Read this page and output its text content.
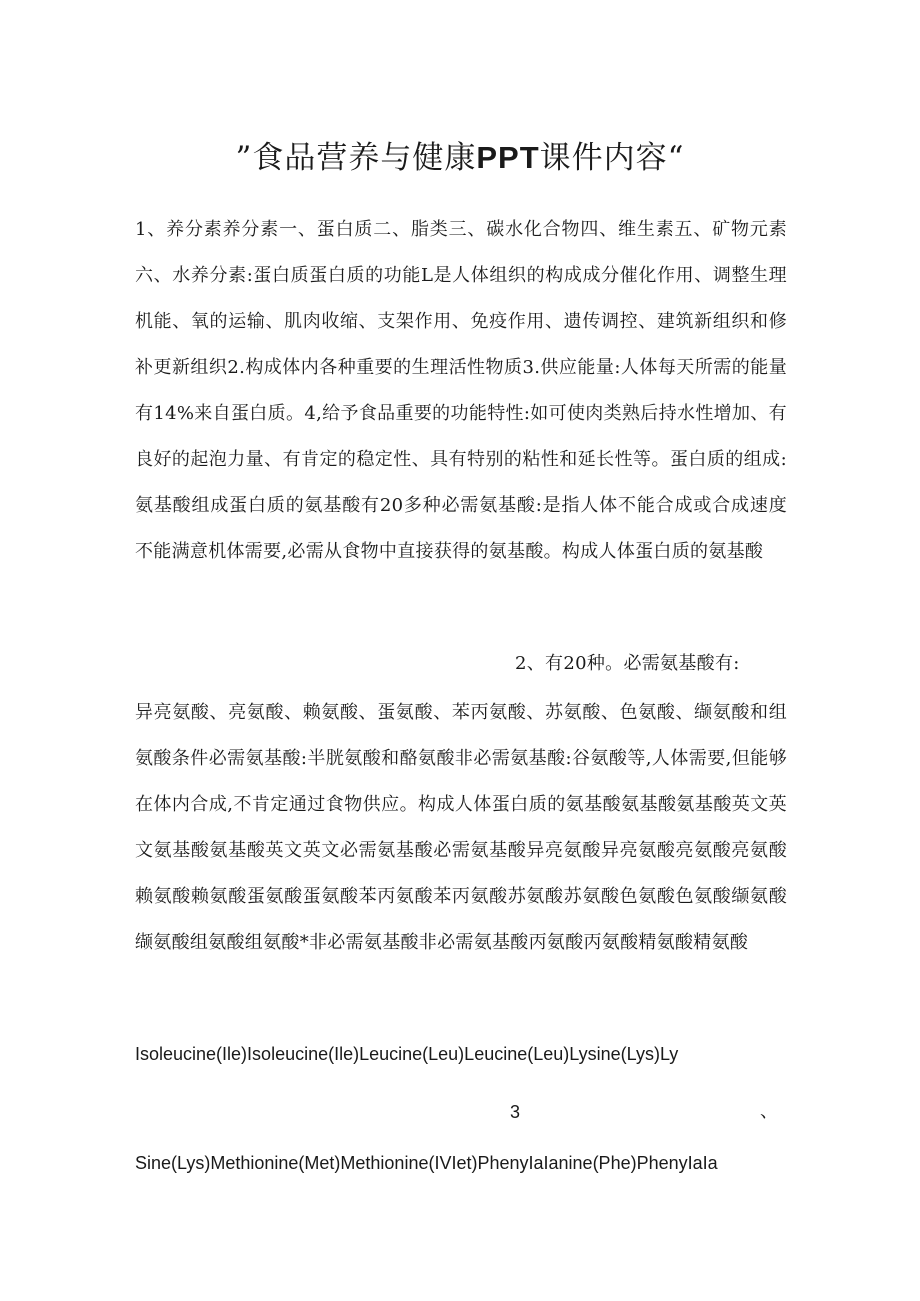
”食品营养与健康PPT课件内容“
1、养分素养分素一、蛋白质二、脂类三、碳水化合物四、维生素五、矿物元素六、水养分素:蛋白质蛋白质的功能L是人体组织的构成成分催化作用、调整生理机能、氧的运输、肌肉收缩、支架作用、免疫作用、遗传调控、建筑新组织和修补更新组织2.构成体内各种重要的生理活性物质3.供应能量:人体每天所需的能量有14%来自蛋白质。4,给予食品重要的功能特性:如可使肉类熟后持水性增加、有良好的起泡力量、有肯定的稳定性、具有特别的粘性和延长性等。蛋白质的组成:氨基酸组成蛋白质的氨基酸有20多种必需氨基酸:是指人体不能合成或合成速度不能满意机体需要,必需从食物中直接获得的氨基酸。构成人体蛋白质的氨基酸
2、有20种。必需氨基酸有:
异亮氨酸、亮氨酸、赖氨酸、蛋氨酸、苯丙氨酸、苏氨酸、色氨酸、缬氨酸和组氨酸条件必需氨基酸:半胱氨酸和酪氨酸非必需氨基酸:谷氨酸等,人体需要,但能够在体内合成,不肯定通过食物供应。构成人体蛋白质的氨基酸氨基酸氨基酸英文英文氨基酸氨基酸英文英文必需氨基酸必需氨基酸异亮氨酸异亮氨酸亮氨酸亮氨酸赖氨酸赖氨酸蛋氨酸蛋氨酸苯丙氨酸苯丙氨酸苏氨酸苏氨酸色氨酸色氨酸缬氨酸缬氨酸组氨酸组氨酸*非必需氨基酸非必需氨基酸丙氨酸丙氨酸精氨酸精氨酸
Isoleucine(Ile)Isoleucine(Ile)Leucine(Leu)Leucine(Leu)Lysine(Lys)Ly
3	、
Sine(Lys)Methionine(Met)Methionine(IVIet)PhenyIaIanine(Phe)PhenyIaIa
